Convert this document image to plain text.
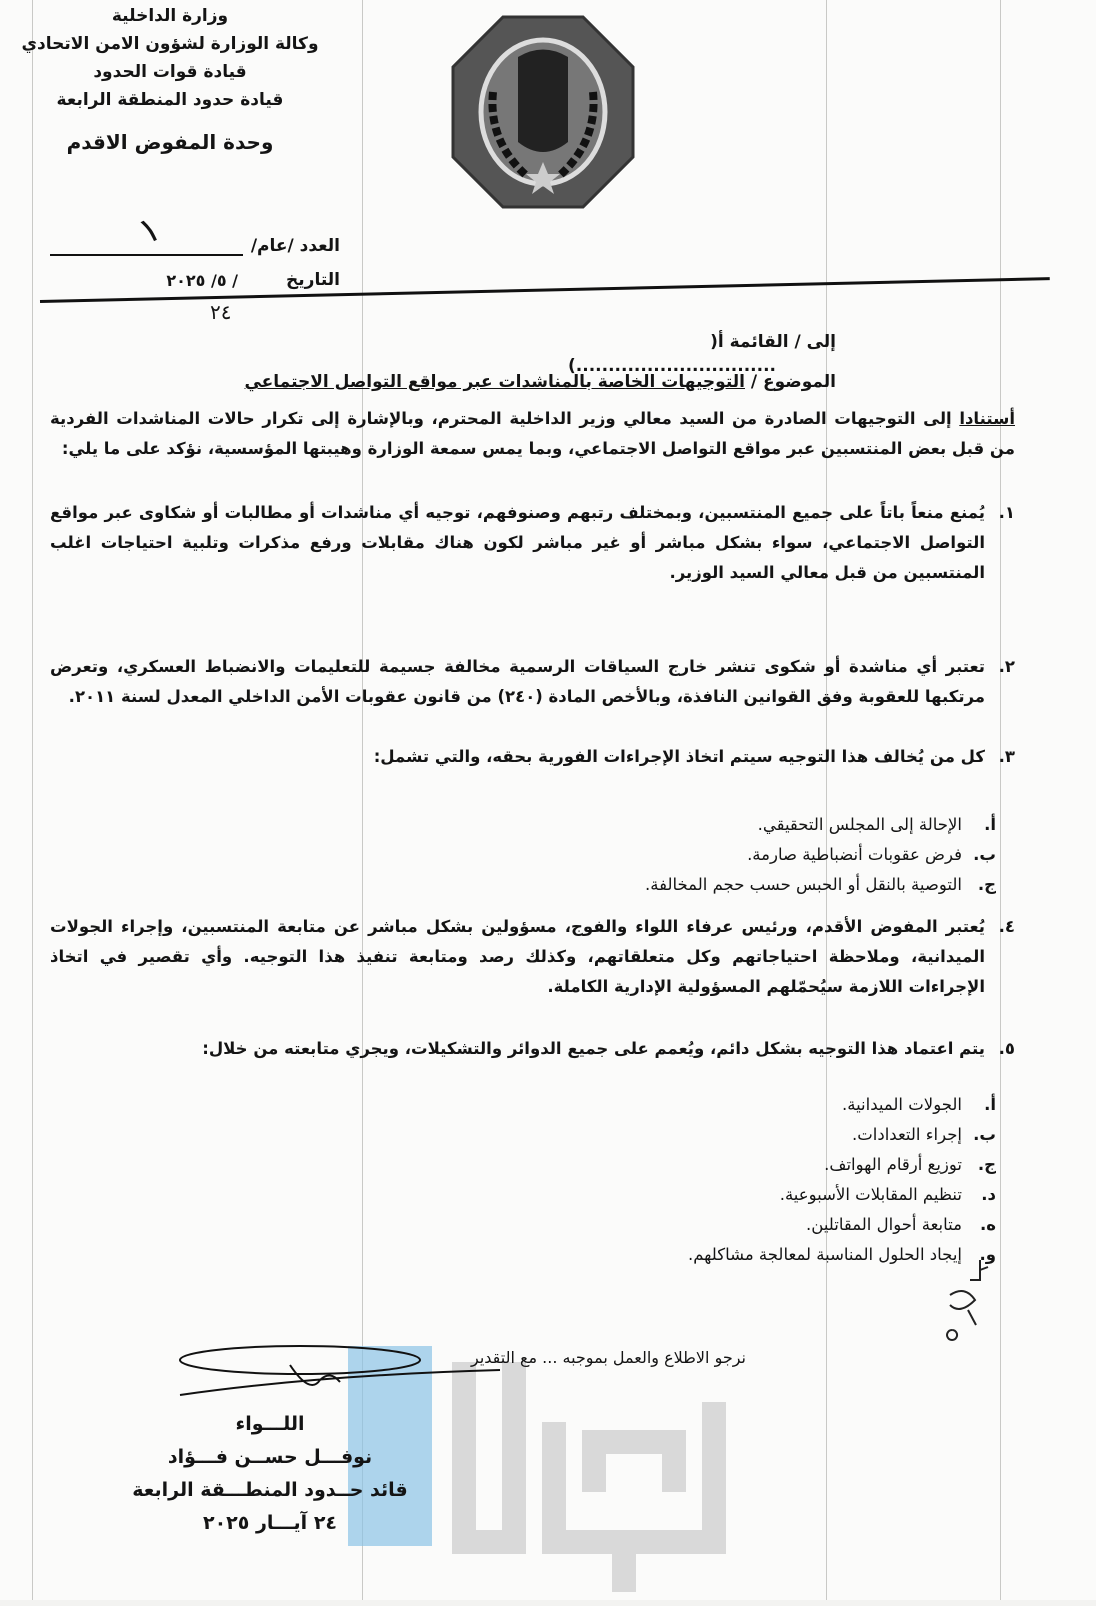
وزارة الداخلية
وكالة الوزارة لشؤون الامن الاتحادي
قيادة قوات الحدود
قيادة حدود المنطقة الرابعة
وحدة المفوض الاقدم
العدد /عام/
١
التاريخ
/ ٥/ ٢٠٢٥
٢٤
إلى / القائمة أ(
(...............................
الموضوع / التوجيهات الخاصة بالمناشدات عبر مواقع التواصل الاجتماعي
أستنادا إلى التوجيهات الصادرة من السيد معالي وزير الداخلية المحترم، وبالإشارة إلى تكرار حالات المناشدات الفردية من قبل بعض المنتسبين عبر مواقع التواصل الاجتماعي، وبما يمس سمعة الوزارة وهيبتها المؤسسية، نؤكد على ما يلي:
١.
يُمنع منعاً باتاً على جميع المنتسبين، وبمختلف رتبهم وصنوفهم، توجيه أي مناشدات أو مطالبات أو شكاوى عبر مواقع التواصل الاجتماعي، سواء بشكل مباشر أو غير مباشر لكون هناك مقابلات ورفع مذكرات وتلبية احتياجات اغلب المنتسبين من قبل معالي السيد الوزير.
٢.
تعتبر أي مناشدة أو شكوى تنشر خارج السياقات الرسمية مخالفة جسيمة للتعليمات والانضباط العسكري، وتعرض مرتكبها للعقوبة وفق القوانين النافذة، وبالأخص المادة (٢٤٠) من قانون عقوبات الأمن الداخلي المعدل لسنة ٢٠١١.
٣.
كل من يُخالف هذا التوجيه سيتم اتخاذ الإجراءات الفورية بحقه، والتي تشمل:
أ.
الإحالة إلى المجلس التحقيقي.
ب.
فرض عقوبات أنضباطية صارمة.
ج.
التوصية بالنقل أو الحبس حسب حجم المخالفة.
٤.
يُعتبر المفوض الأقدم، ورئيس عرفاء اللواء والفوج، مسؤولين بشكل مباشر عن متابعة المنتسبين، وإجراء الجولات الميدانية، وملاحظة احتياجاتهم وكل متعلقاتهم، وكذلك رصد ومتابعة تنفيذ هذا التوجيه. وأي تقصير في اتخاذ الإجراءات اللازمة سيُحمّلهم المسؤولية الإدارية الكاملة.
٥.
يتم اعتماد هذا التوجيه بشكل دائم، ويُعمم على جميع الدوائر والتشكيلات، ويجري متابعته من خلال:
أ.
الجولات الميدانية.
ب.
إجراء التعدادات.
ج.
توزيع أرقام الهواتف.
د.
تنظيم المقابلات الأسبوعية.
ه.
متابعة أحوال المقاتلين.
و.
إيجاد الحلول المناسبة لمعالجة مشاكلهم.
نرجو الاطلاع والعمل بموجبه ... مع التقدير
اللـــواء
نوفـــل حســن فـــؤاد
قائد حــدود المنطـــقة الرابعة
٢٤ آيـــار ٢٠٢٥
